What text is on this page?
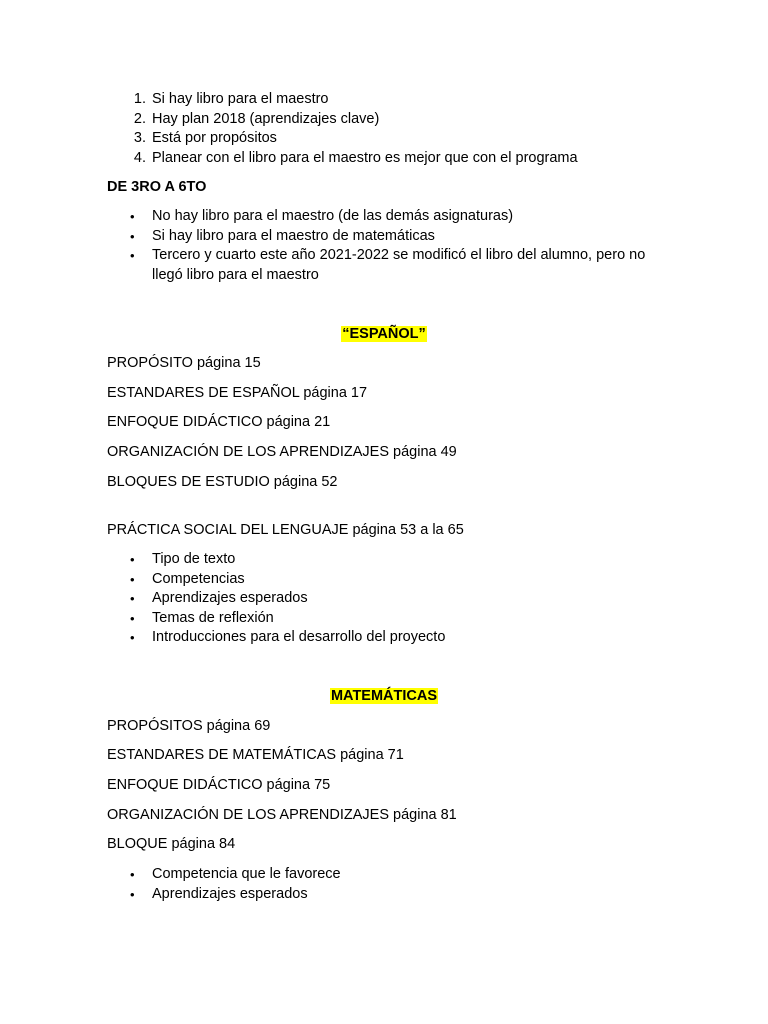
1. Si hay libro para el maestro
2. Hay plan 2018 (aprendizajes clave)
3. Está por propósitos
4. Planear con el libro para el maestro es mejor que con el programa
DE 3RO A 6TO
• No hay libro para el maestro (de las demás asignaturas)
• Si hay libro para el maestro de matemáticas
• Tercero y cuarto este año 2021-2022 se modificó el libro del alumno, pero no llegó libro para el maestro
“ESPAÑOL”
PROPÓSITO página 15
ESTANDARES DE ESPAÑOL página 17
ENFOQUE DIDÁCTICO página 21
ORGANIZACIÓN DE LOS APRENDIZAJES página 49
BLOQUES DE ESTUDIO página 52
PRÁCTICA SOCIAL DEL LENGUAJE página 53 a la 65
• Tipo de texto
• Competencias
• Aprendizajes esperados
• Temas de reflexión
• Introducciones para el desarrollo del proyecto
MATEMÁTICAS
PROPÓSITOS página 69
ESTANDARES DE MATEMÁTICAS página 71
ENFOQUE DIDÁCTICO página 75
ORGANIZACIÓN DE LOS APRENDIZAJES página 81
BLOQUE página 84
• Competencia que le favorece
• Aprendizajes esperados
